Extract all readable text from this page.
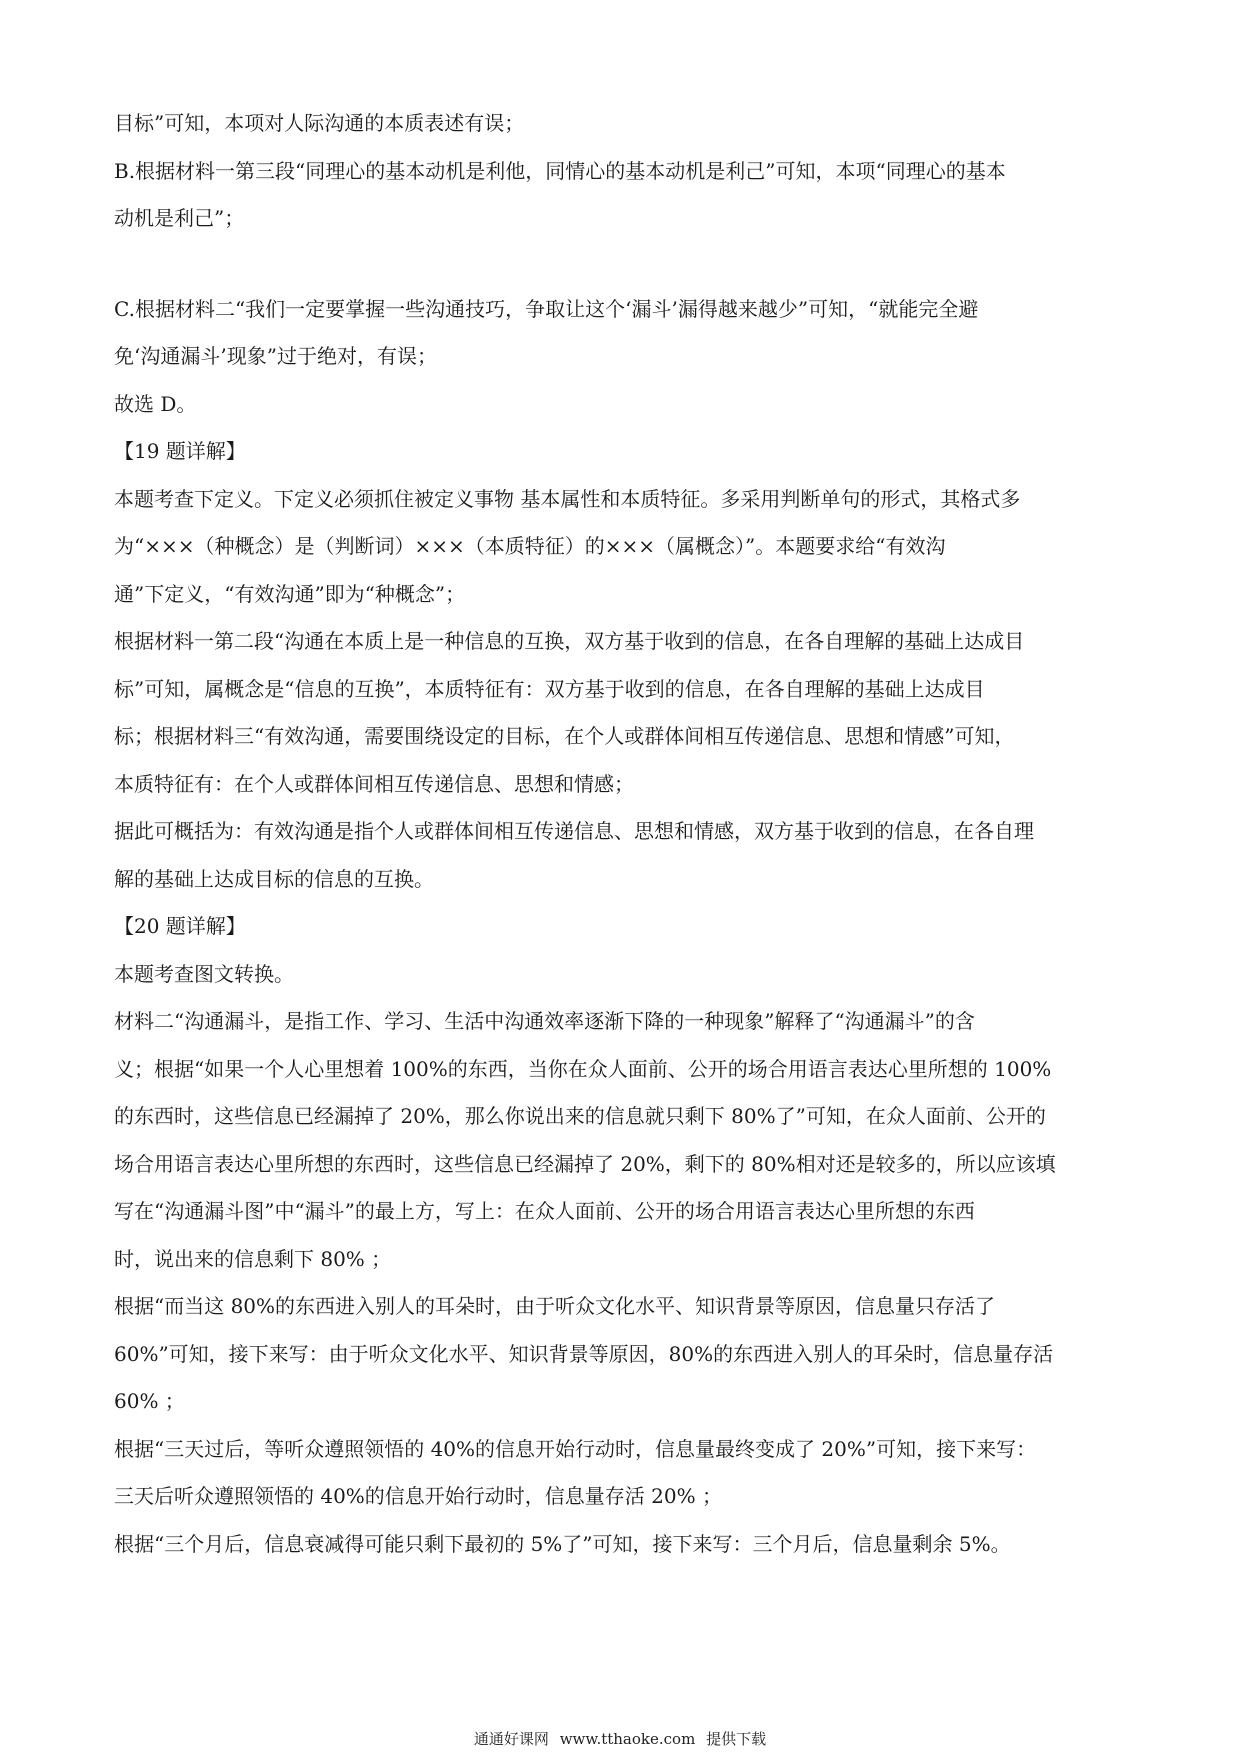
目标”可知，本项对人际沟通的本质表述有误；

B.根据材料一第三段“同理心的基本动机是利他，同情心的基本动机是利己”可知，本项“同理心的基本

动机是利己”；

C.根据材料二“我们一定要掌握一些沟通技巧，争取让这个‘漏斗’漏得越来越少”可知，“就能完全避

免‘沟通漏斗’现象”过于绝对，有误；

故选 D。

【19 题详解】

本题考查下定义。下定义必须抓住被定义事物 基本属性和本质特征。多采用判断单句的形式，其格式多

为“×××（种概念）是（判断词）×××（本质特征）的×××（属概念）”。本题要求给“有效沟

通”下定义，“有效沟通”即为“种概念”；

根据材料一第二段“沟通在本质上是一种信息的互换，双方基于收到的信息，在各自理解的基础上达成目

标”可知，属概念是“信息的互换”，本质特征有：双方基于收到的信息，在各自理解的基础上达成目

标；根据材料三“有效沟通，需要围绕设定的目标，在个人或群体间相互传递信息、思想和情感”可知，

本质特征有：在个人或群体间相互传递信息、思想和情感；

据此可概括为：有效沟通是指个人或群体间相互传递信息、思想和情感，双方基于收到的信息，在各自理

解的基础上达成目标的信息的互换。

【20 题详解】

本题考查图文转换。

材料二“沟通漏斗，是指工作、学习、生活中沟通效率逐渐下降的一种现象”解释了“沟通漏斗”的含

义；根据“如果一个人心里想着 100%的东西，当你在众人面前、公开的场合用语言表达心里所想的 100%

的东西时，这些信息已经漏掉了 20%，那么你说出来的信息就只剩下 80%了”可知，在众人面前、公开的

场合用语言表达心里所想的东西时，这些信息已经漏掉了 20%，剩下的 80%相对还是较多的，所以应该填

写在“沟通漏斗图”中“漏斗”的最上方，写上：在众人面前、公开的场合用语言表达心里所想的东西

时，说出来的信息剩下 80% ；

根据“而当这 80%的东西进入别人的耳朵时，由于听众文化水平、知识背景等原因，信息量只存活了

60%”可知，接下来写：由于听众文化水平、知识背景等原因，80%的东西进入别人的耳朵时，信息量存活

60% ；

根据“三天过后，等听众遵照领悟的 40%的信息开始行动时，信息量最终变成了 20%”可知，接下来写：

三天后听众遵照领悟的 40%的信息开始行动时，信息量存活 20% ；

根据“三个月后，信息衰减得可能只剩下最初的 5%了”可知，接下来写：三个月后，信息量剩余 5%。

通通好课网 www.tthaoke.com 提供下载
